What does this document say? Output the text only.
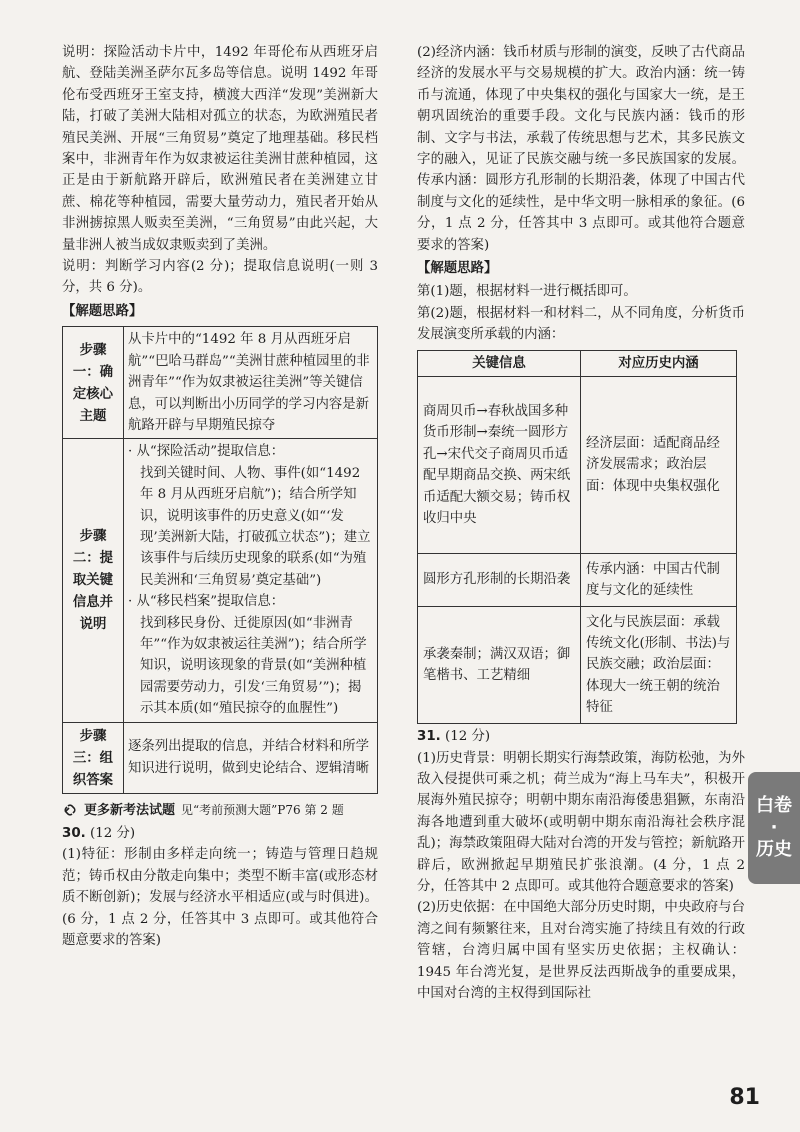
说明：探险活动卡片中，1492 年哥伦布从西班牙启航、登陆美洲圣萨尔瓦多岛等信息。说明 1492 年哥伦布受西班牙王室支持，横渡大西洋“发现”美洲新大陆，打破了美洲大陆相对孤立的状态，为欧洲殖民者殖民美洲、开展“三角贸易”奠定了地理基础。移民档案中，非洲青年作为奴隶被运往美洲甘蔗种植园，这正是由于新航路开辟后，欧洲殖民者在美洲建立甘蔗、棉花等种植园，需要大量劳动力，殖民者开始从非洲掳掠黑人贩卖至美洲，“三角贸易”由此兴起，大量非洲人被当成奴隶贩卖到了美洲。

说明：判断学习内容(2 分)；提取信息说明(一则 3 分，共 6 分)。

【解题思路】
步骤一：确定核心主题	从卡片中的“1492 年 8 月从西班牙启航”“巴哈马群岛”“美洲甘蔗种植园里的非洲青年”“作为奴隶被运往美洲”等关键信息，可以判断出小历同学的学习内容是新航路开辟与早期殖民掠夺
步骤二：提取关键信息并说明	· 从“探险活动”提取信息：
找到关键时间、人物、事件(如“1492 年 8 月从西班牙启航”)；结合所学知识，说明该事件的历史意义(如“‘发现’美洲新大陆，打破孤立状态”)；建立该事件与后续历史现象的联系(如“为殖民美洲和‘三角贸易’奠定基础”)
· 从“移民档案”提取信息：
找到移民身份、迁徙原因(如“非洲青年”“作为奴隶被运往美洲”)；结合所学知识，说明该现象的背景(如“美洲种植园需要劳动力，引发‘三角贸易’”)；揭示其本质(如“殖民掠夺的血腥性”)

步骤三：组织答案	逐条列出提取的信息，并结合材料和所学知识进行说明，做到史论结合、逻辑清晰
更多新考法试题 见“考前预测大题”P76 第 2 题
30. (12 分)

(1)特征：形制由多样走向统一；铸造与管理日趋规范；铸币权由分散走向集中；类型不断丰富(或形态材质不断创新)；发展与经济水平相适应(或与时俱进)。(6 分，1 点 2 分，任答其中 3 点即可。或其他符合题意要求的答案)

(2)经济内涵：钱币材质与形制的演变，反映了古代商品经济的发展水平与交易规模的扩大。政治内涵：统一铸币与流通，体现了中央集权的强化与国家大一统，是王朝巩固统治的重要手段。文化与民族内涵：钱币的形制、文字与书法，承载了传统思想与艺术，其多民族文字的融入，见证了民族交融与统一多民族国家的发展。传承内涵：圆形方孔形制的长期沿袭，体现了中国古代制度与文化的延续性，是中华文明一脉相承的象征。(6 分，1 点 2 分，任答其中 3 点即可。或其他符合题意要求的答案)

【解题思路】

第(1)题，根据材料一进行概括即可。

第(2)题，根据材料一和材料二，从不同角度，分析货币发展演变所承载的内涵：

关键信息	对应历史内涵
商周贝币→春秋战国多种货币形制→秦统一圆形方孔→宋代交子商周贝币适配早期商品交换、两宋纸币适配大额交易；铸币权收归中央	经济层面：适配商品经济发展需求；政治层面：体现中央集权强化
圆形方孔形制的长期沿袭	传承内涵：中国古代制度与文化的延续性
承袭秦制；满汉双语；御笔楷书、工艺精细	文化与民族层面：承载传统文化(形制、书法)与民族交融；政治层面：体现大一统王朝的统治特征
31. (12 分)

(1)历史背景：明朝长期实行海禁政策，海防松弛，为外敌入侵提供可乘之机；荷兰成为“海上马车夫”，积极开展海外殖民掠夺；明朝中期东南沿海倭患猖獗，东南沿海各地遭到重大破坏(或明朝中期东南沿海社会秩序混乱)；海禁政策阻碍大陆对台湾的开发与管控；新航路开辟后，欧洲掀起早期殖民扩张浪潮。(4 分，1 点 2 分，任答其中 2 点即可。或其他符合题意要求的答案)

(2)历史依据：在中国绝大部分历史时期，中央政府与台湾之间有频繁往来，且对台湾实施了持续且有效的行政管辖，台湾归属中国有坚实历史依据；主权确认：1945 年台湾光复，是世界反法西斯战争的重要成果，中国对台湾的主权得到国际社

白卷
·
历史
81
